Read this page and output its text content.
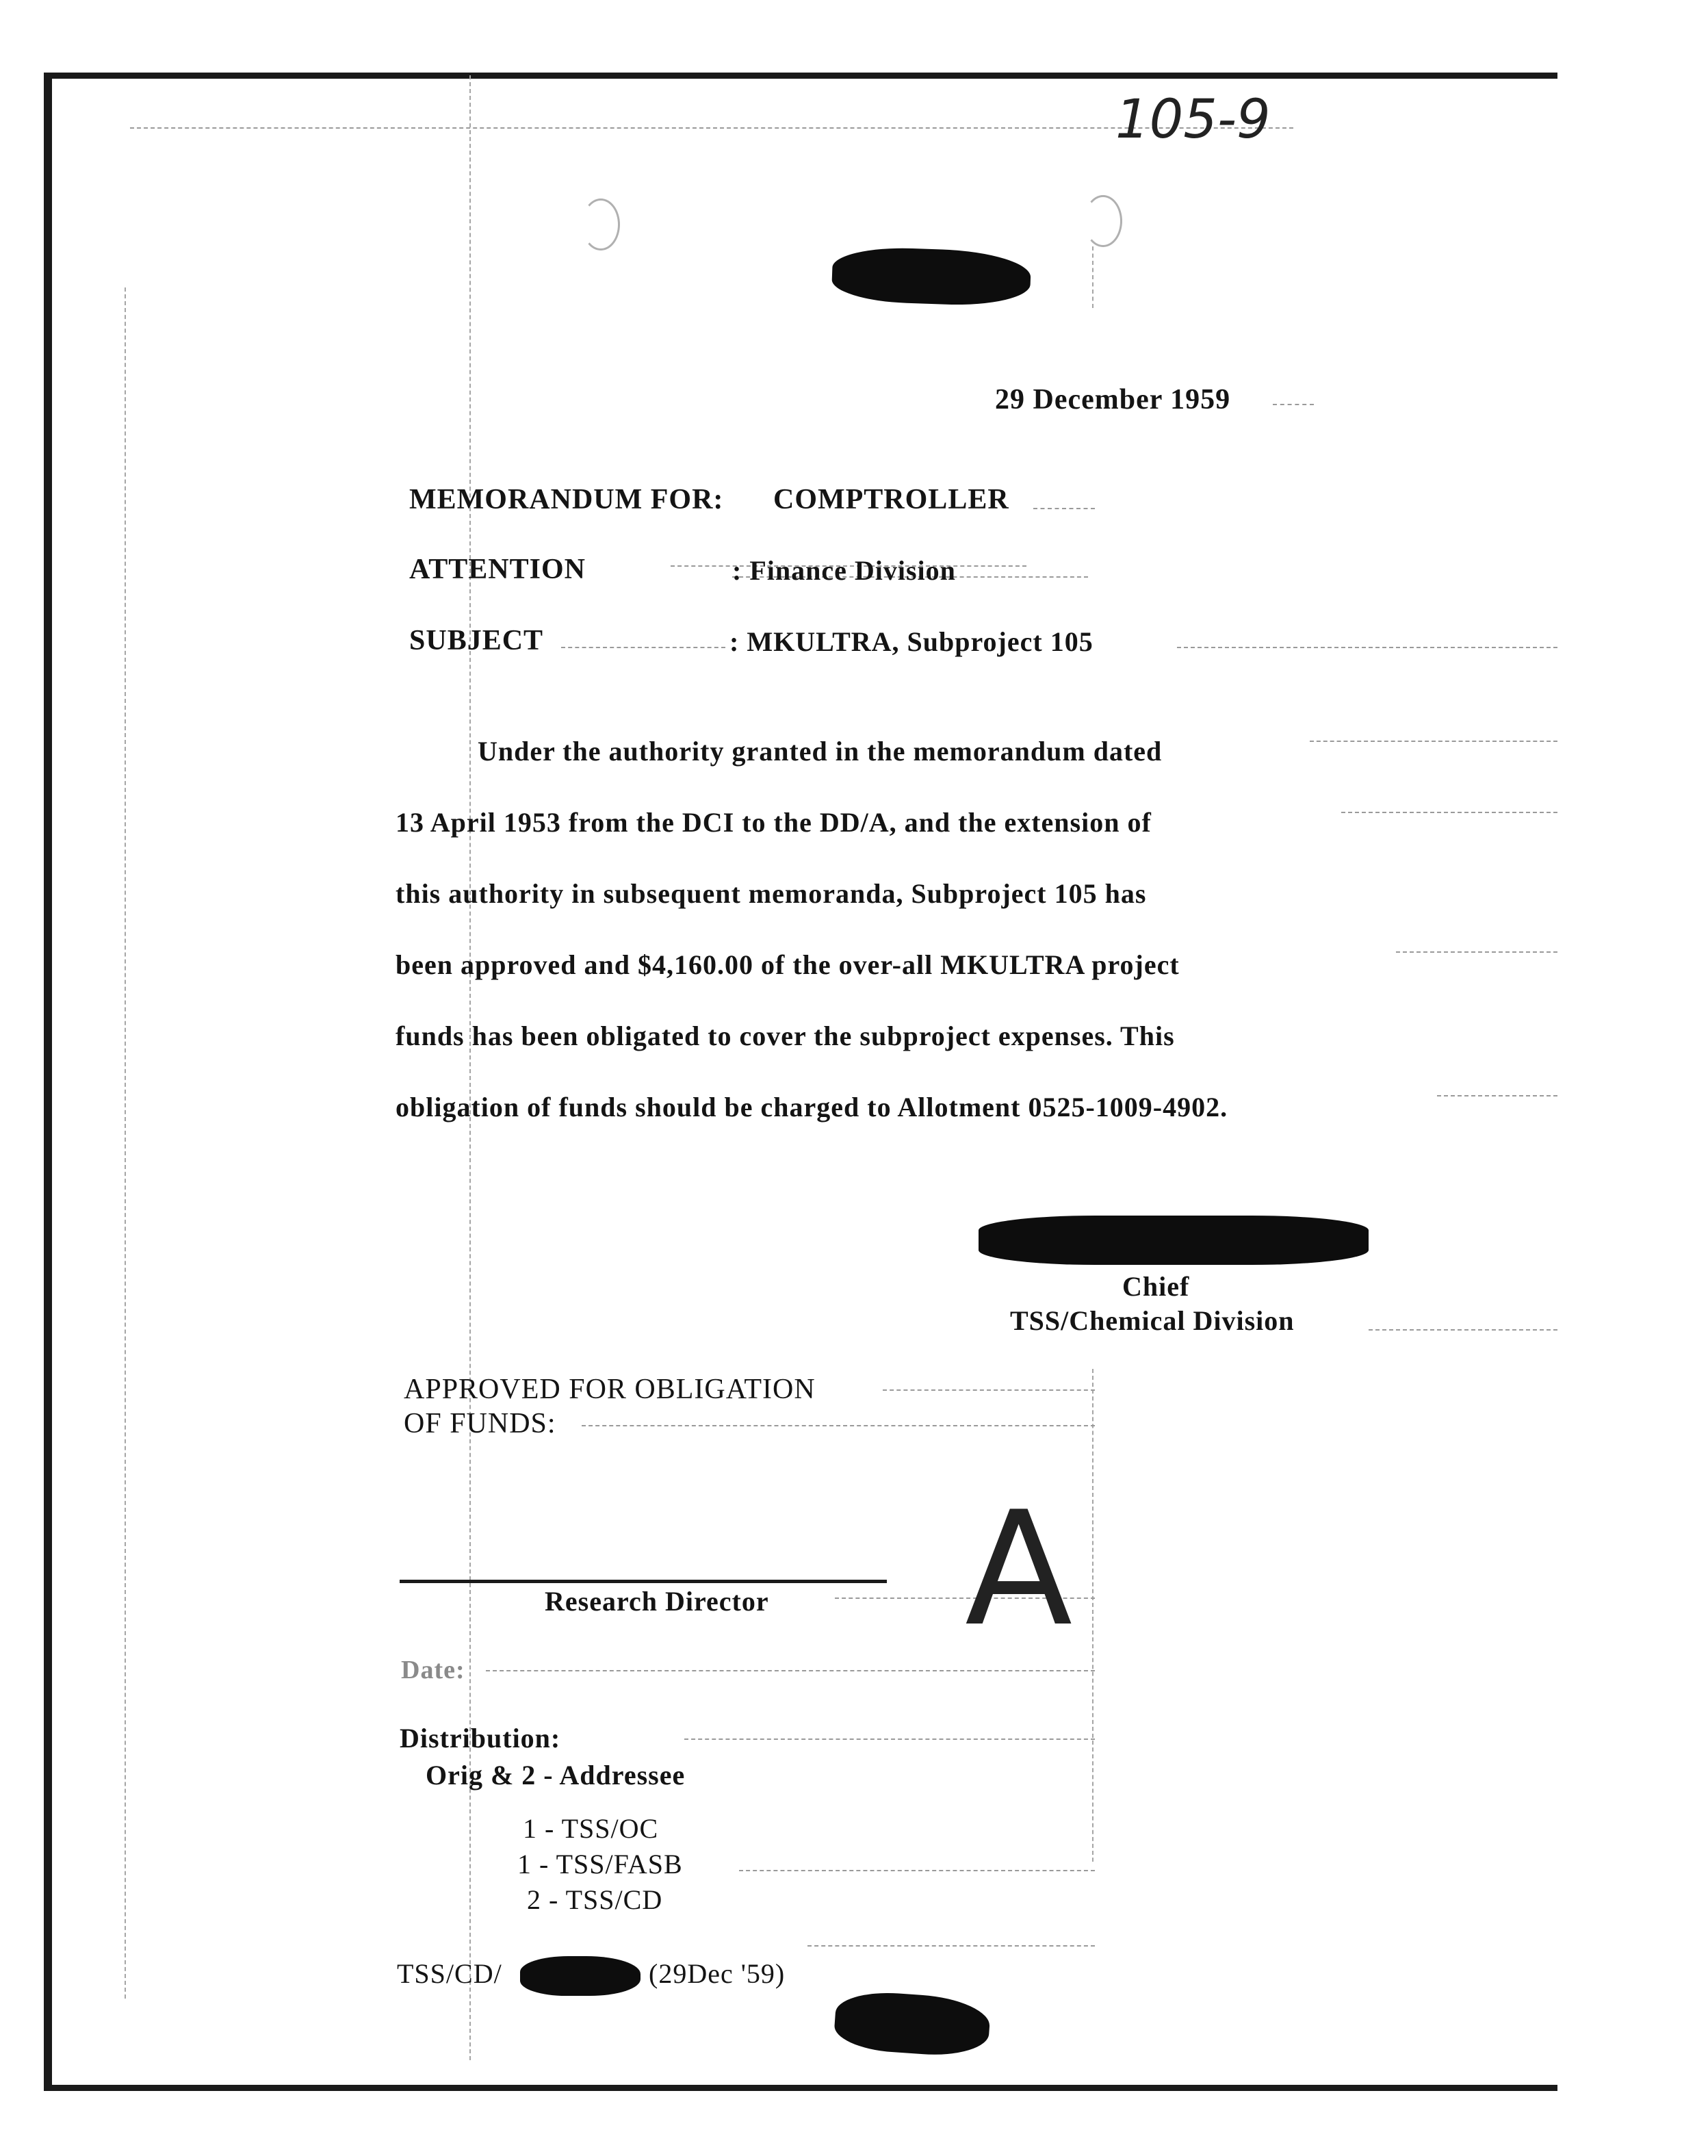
105-9
29 December 1959
MEMORANDUM FOR: COMPTROLLER
ATTENTION	: Finance Division
SUBJECT	: MKULTRA, Subproject 105
Under the authority granted in the memorandum dated
13 April 1953 from the DCI to the DD/A, and the extension of
this authority in subsequent memoranda, Subproject 105 has
been approved and $4,160.00 of the over-all MKULTRA project
funds has been obligated to cover the subproject expenses. This
obligation of funds should be charged to Allotment 0525-1009-4902.
Chief
TSS/Chemical Division
APPROVED FOR OBLIGATION
OF FUNDS:
Research Director A
Date:
Distribution:
Orig & 2 - Addressee
1 - TSS/OC
1 - TSS/FASB
2 - TSS/CD
TSS/CD/	(29Dec '59)
